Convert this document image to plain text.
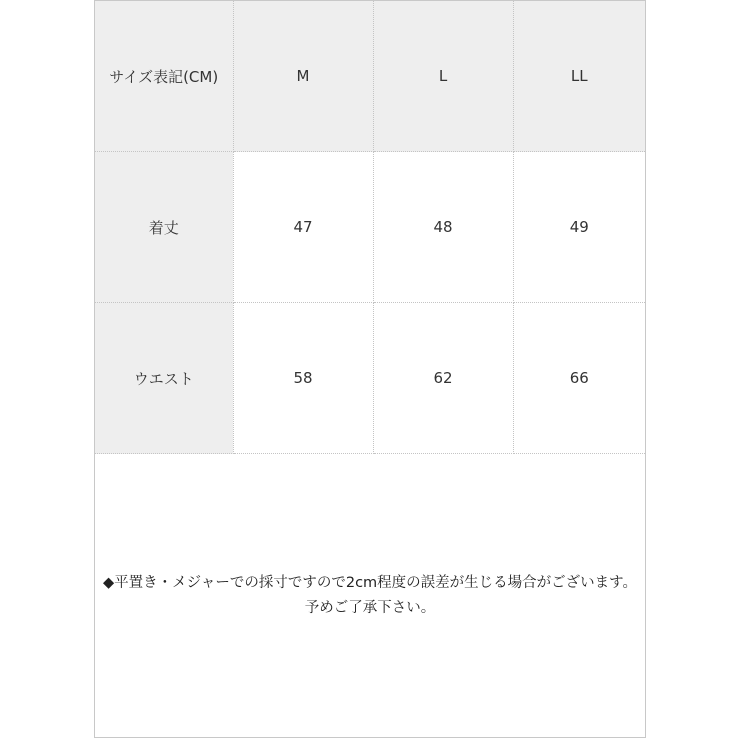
サイズ表記(CM)	M	L	LL
着丈	47	48	49
ウエスト	58	62	66

◆平置き・メジャーでの採寸ですので2cm程度の誤差が生じる場合がございます。

予めご了承下さい。
